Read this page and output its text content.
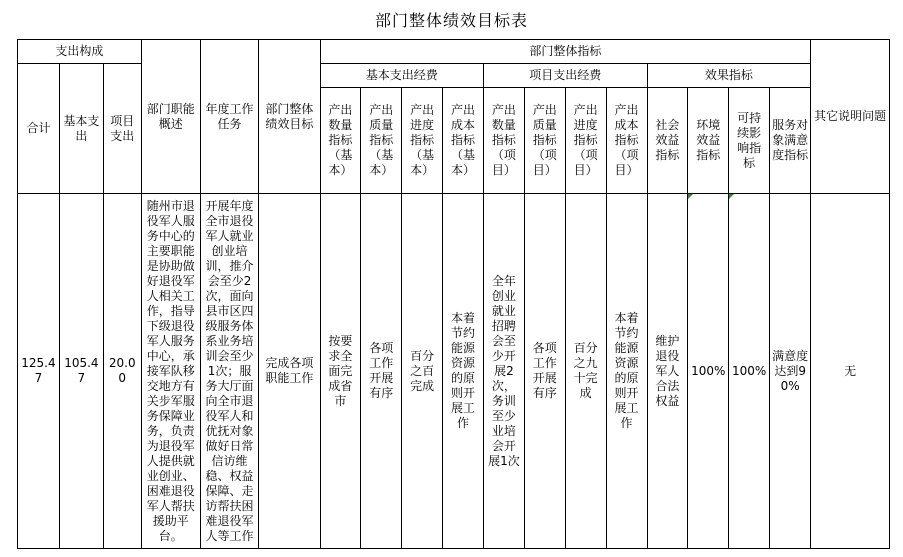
部门整体绩效目标表
支出构成			部门职能概述	年度工作任务	部门整体绩效目标	部门整体指标												其它说明问题
合计	基本支出	项目支出				基本支出经费				项目支出经费				效果指标				
						产出数量指标（基本）	产出质量指标（基本）	产出进度指标（基本）	产出成本指标（基本）	产出数量指标（项目）	产出质量指标（项目）	产出进度指标（项目）	产出成本指标（项目）	社会效益指标	环境效益指标	可持续影响指标	服务对象满意度指标	
125.47	105.47	20.00	随州市退役军人服务中心的主要职能是协助做好退役军人相关工作，指导下级退役军人服务中心，承接军队移交地方有关步军服务保障业务，负责为退役军人提供就业创业、困难退役军人帮扶援助平台。	开展年度全市退役军人就业创业培训，推介会至少2次，面向县市区四级服务体系业务培训会至少1次；服务大厅面向全市退役军人和优抚对象做好日常信访维稳、权益保障、走访帮扶困难退役军人等工作	完成各项职能工作	按要求全面完成省市	各项工作开展有序	百分之百完成	本着节约能源资源的原则开展工作	全年创业就业招聘会至少开展2次，务训至少业培会开展1次	各项工作开展有序	百分之九十完成	本着节约能源资源的原则开展工作	维护退役军人合法权益	100%	100%	满意度达到90%	无
